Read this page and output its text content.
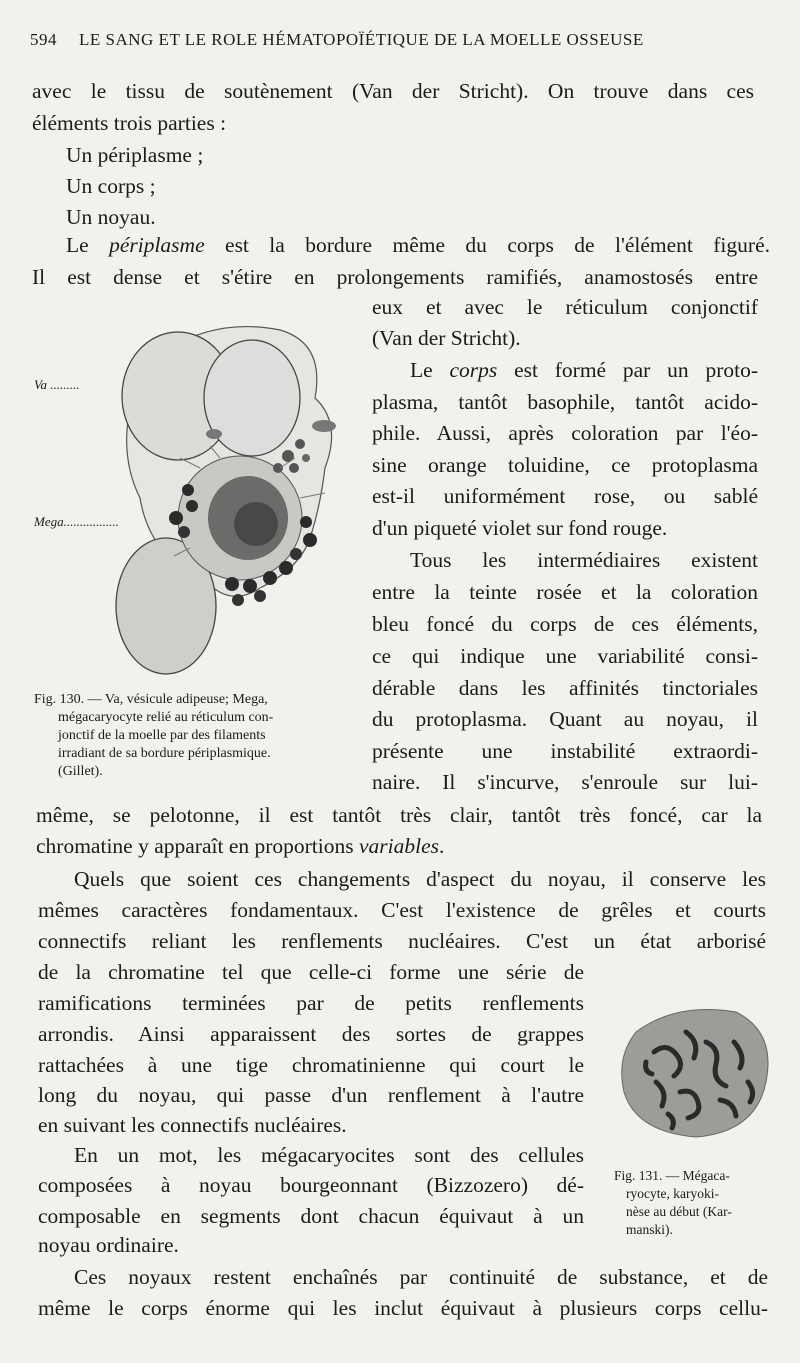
594 LE SANG ET LE ROLE HÉMATOPOÏÉTIQUE DE LA MOELLE OSSEUSE
avec le tissu de soutènement (Van der Stricht). On trouve dans ces
éléments trois parties :
Un périplasme ;
Un corps ;
Un noyau.
Le périplasme est la bordure même du corps de l'élément figuré.
Il est dense et s'étire en prolongements ramifiés, anamostosés entre
eux et avec le réticulum conjonctif
(Van der Stricht).
Le corps est formé par un proto-
plasma, tantôt basophile, tantôt acido-
phile. Aussi, après coloration par l'éo-
sine orange toluidine, ce protoplasma
est-il uniformément rose, ou sablé
d'un piqueté violet sur fond rouge.
Tous les intermédiaires existent
entre la teinte rosée et la coloration
bleu foncé du corps de ces éléments,
ce qui indique une variabilité consi-
dérable dans les affinités tinctoriales
du protoplasma. Quant au noyau, il
présente une instabilité extraordi-
naire. Il s'incurve, s'enroule sur lui-
Va .........
Mega.................
Fig. 130. — Va, vésicule adipeuse; Mega,
mégacaryocyte relié au réticulum con-
jonctif de la moelle par des filaments
irradiant de sa bordure périplasmique.
(Gillet).
même, se pelotonne, il est tantôt très clair, tantôt très foncé, car la
chromatine y apparaît en proportions variables.
Quels que soient ces changements d'aspect du noyau, il conserve les
mêmes caractères fondamentaux. C'est l'existence de grêles et courts
connectifs reliant les renflements nucléaires. C'est un état arborisé
de la chromatine tel que celle-ci forme une série de
ramifications terminées par de petits renflements
arrondis. Ainsi apparaissent des sortes de grappes
rattachées à une tige chromatinienne qui court le
long du noyau, qui passe d'un renflement à l'autre
en suivant les connectifs nucléaires.
En un mot, les mégacaryocites sont des cellules
composées à noyau bourgeonnant (Bizzozero) dé-
composable en segments dont chacun équivaut à un
noyau ordinaire.
Fig. 131. — Mégaca-
ryocyte, karyoki-
nèse au début (Kar-
manski).
Ces noyaux restent enchaînés par continuité de substance, et de
même le corps énorme qui les inclut équivaut à plusieurs corps cellu-
